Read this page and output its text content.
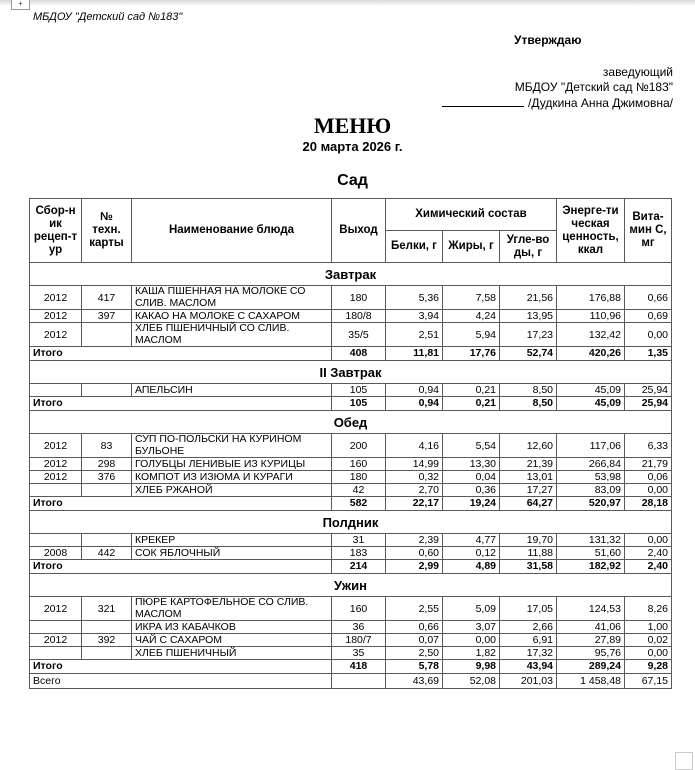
+
МБДОУ "Детский сад №183"
Утверждаю
заведующий
МБДОУ "Детский сад №183"
/Дудкина Анна Джимовна/
МЕНЮ
20 марта 2026 г.
Сад
Сбор-н ик рецеп-т ур	№ техн. карты	Наименование блюда	Выход	Химический состав			Энерге-ти ческая ценность, ккал	Вита-мин С, мг
				Белки, г	Жиры, г	Угле-во ды, г		
Завтрак								
2012	417	КАША ПШЕННАЯ НА МОЛОКЕ СО СЛИВ. МАСЛОМ	180	5,36	7,58	21,56	176,88	0,66
2012	397	КАКАО НА МОЛОКЕ С САХАРОМ	180/8	3,94	4,24	13,95	110,96	0,69
2012		ХЛЕБ ПШЕНИЧНЫЙ СО СЛИВ. МАСЛОМ	35/5	2,51	5,94	17,23	132,42	0,00
Итого			408	11,81	17,76	52,74	420,26	1,35
II Завтрак								
		АПЕЛЬСИН	105	0,94	0,21	8,50	45,09	25,94
Итого			105	0,94	0,21	8,50	45,09	25,94
Обед								
2012	83	СУП ПО-ПОЛЬСКИ НА КУРИНОМ БУЛЬОНЕ	200	4,16	5,54	12,60	117,06	6,33
2012	298	ГОЛУБЦЫ ЛЕНИВЫЕ ИЗ КУРИЦЫ	160	14,99	13,30	21,39	266,84	21,79
2012	376	КОМПОТ ИЗ ИЗЮМА И КУРАГИ	180	0,32	0,04	13,01	53,98	0,06
		ХЛЕБ РЖАНОЙ	42	2,70	0,36	17,27	83,09	0,00
Итого			582	22,17	19,24	64,27	520,97	28,18
Полдник								
		КРЕКЕР	31	2,39	4,77	19,70	131,32	0,00
2008	442	СОК ЯБЛОЧНЫЙ	183	0,60	0,12	11,88	51,60	2,40
Итого			214	2,99	4,89	31,58	182,92	2,40
Ужин								
2012	321	ПЮРЕ КАРТОФЕЛЬНОЕ СО СЛИВ. МАСЛОМ	160	2,55	5,09	17,05	124,53	8,26
		ИКРА ИЗ КАБАЧКОВ	36	0,66	3,07	2,66	41,06	1,00
2012	392	ЧАЙ С САХАРОМ	180/7	0,07	0,00	6,91	27,89	0,02
		ХЛЕБ ПШЕНИЧНЫЙ	35	2,50	1,82	17,32	95,76	0,00
Итого			418	5,78	9,98	43,94	289,24	9,28
Всего				43,69	52,08	201,03	1 458,48	67,15
